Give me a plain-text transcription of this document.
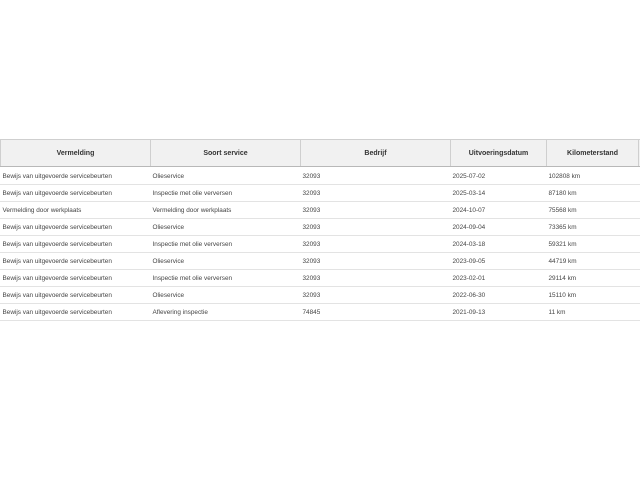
	Vermelding	Soort service	Bedrijf	Uitvoeringsdatum	Kilometerstand	
	Bewijs van uitgevoerde servicebeurten	Olieservice	32093	2025-07-02	102808 km	
	Bewijs van uitgevoerde servicebeurten	Inspectie met olie verversen	32093	2025-03-14	87180 km	
	Vermelding door werkplaats	Vermelding door werkplaats	32093	2024-10-07	75568 km	
	Bewijs van uitgevoerde servicebeurten	Olieservice	32093	2024-09-04	73365 km	
	Bewijs van uitgevoerde servicebeurten	Inspectie met olie verversen	32093	2024-03-18	59321 km	
	Bewijs van uitgevoerde servicebeurten	Olieservice	32093	2023-09-05	44719 km	
	Bewijs van uitgevoerde servicebeurten	Inspectie met olie verversen	32093	2023-02-01	29114 km	
	Bewijs van uitgevoerde servicebeurten	Olieservice	32093	2022-06-30	15110 km	
	Bewijs van uitgevoerde servicebeurten	Aflevering inspectie	74845	2021-09-13	11 km	
